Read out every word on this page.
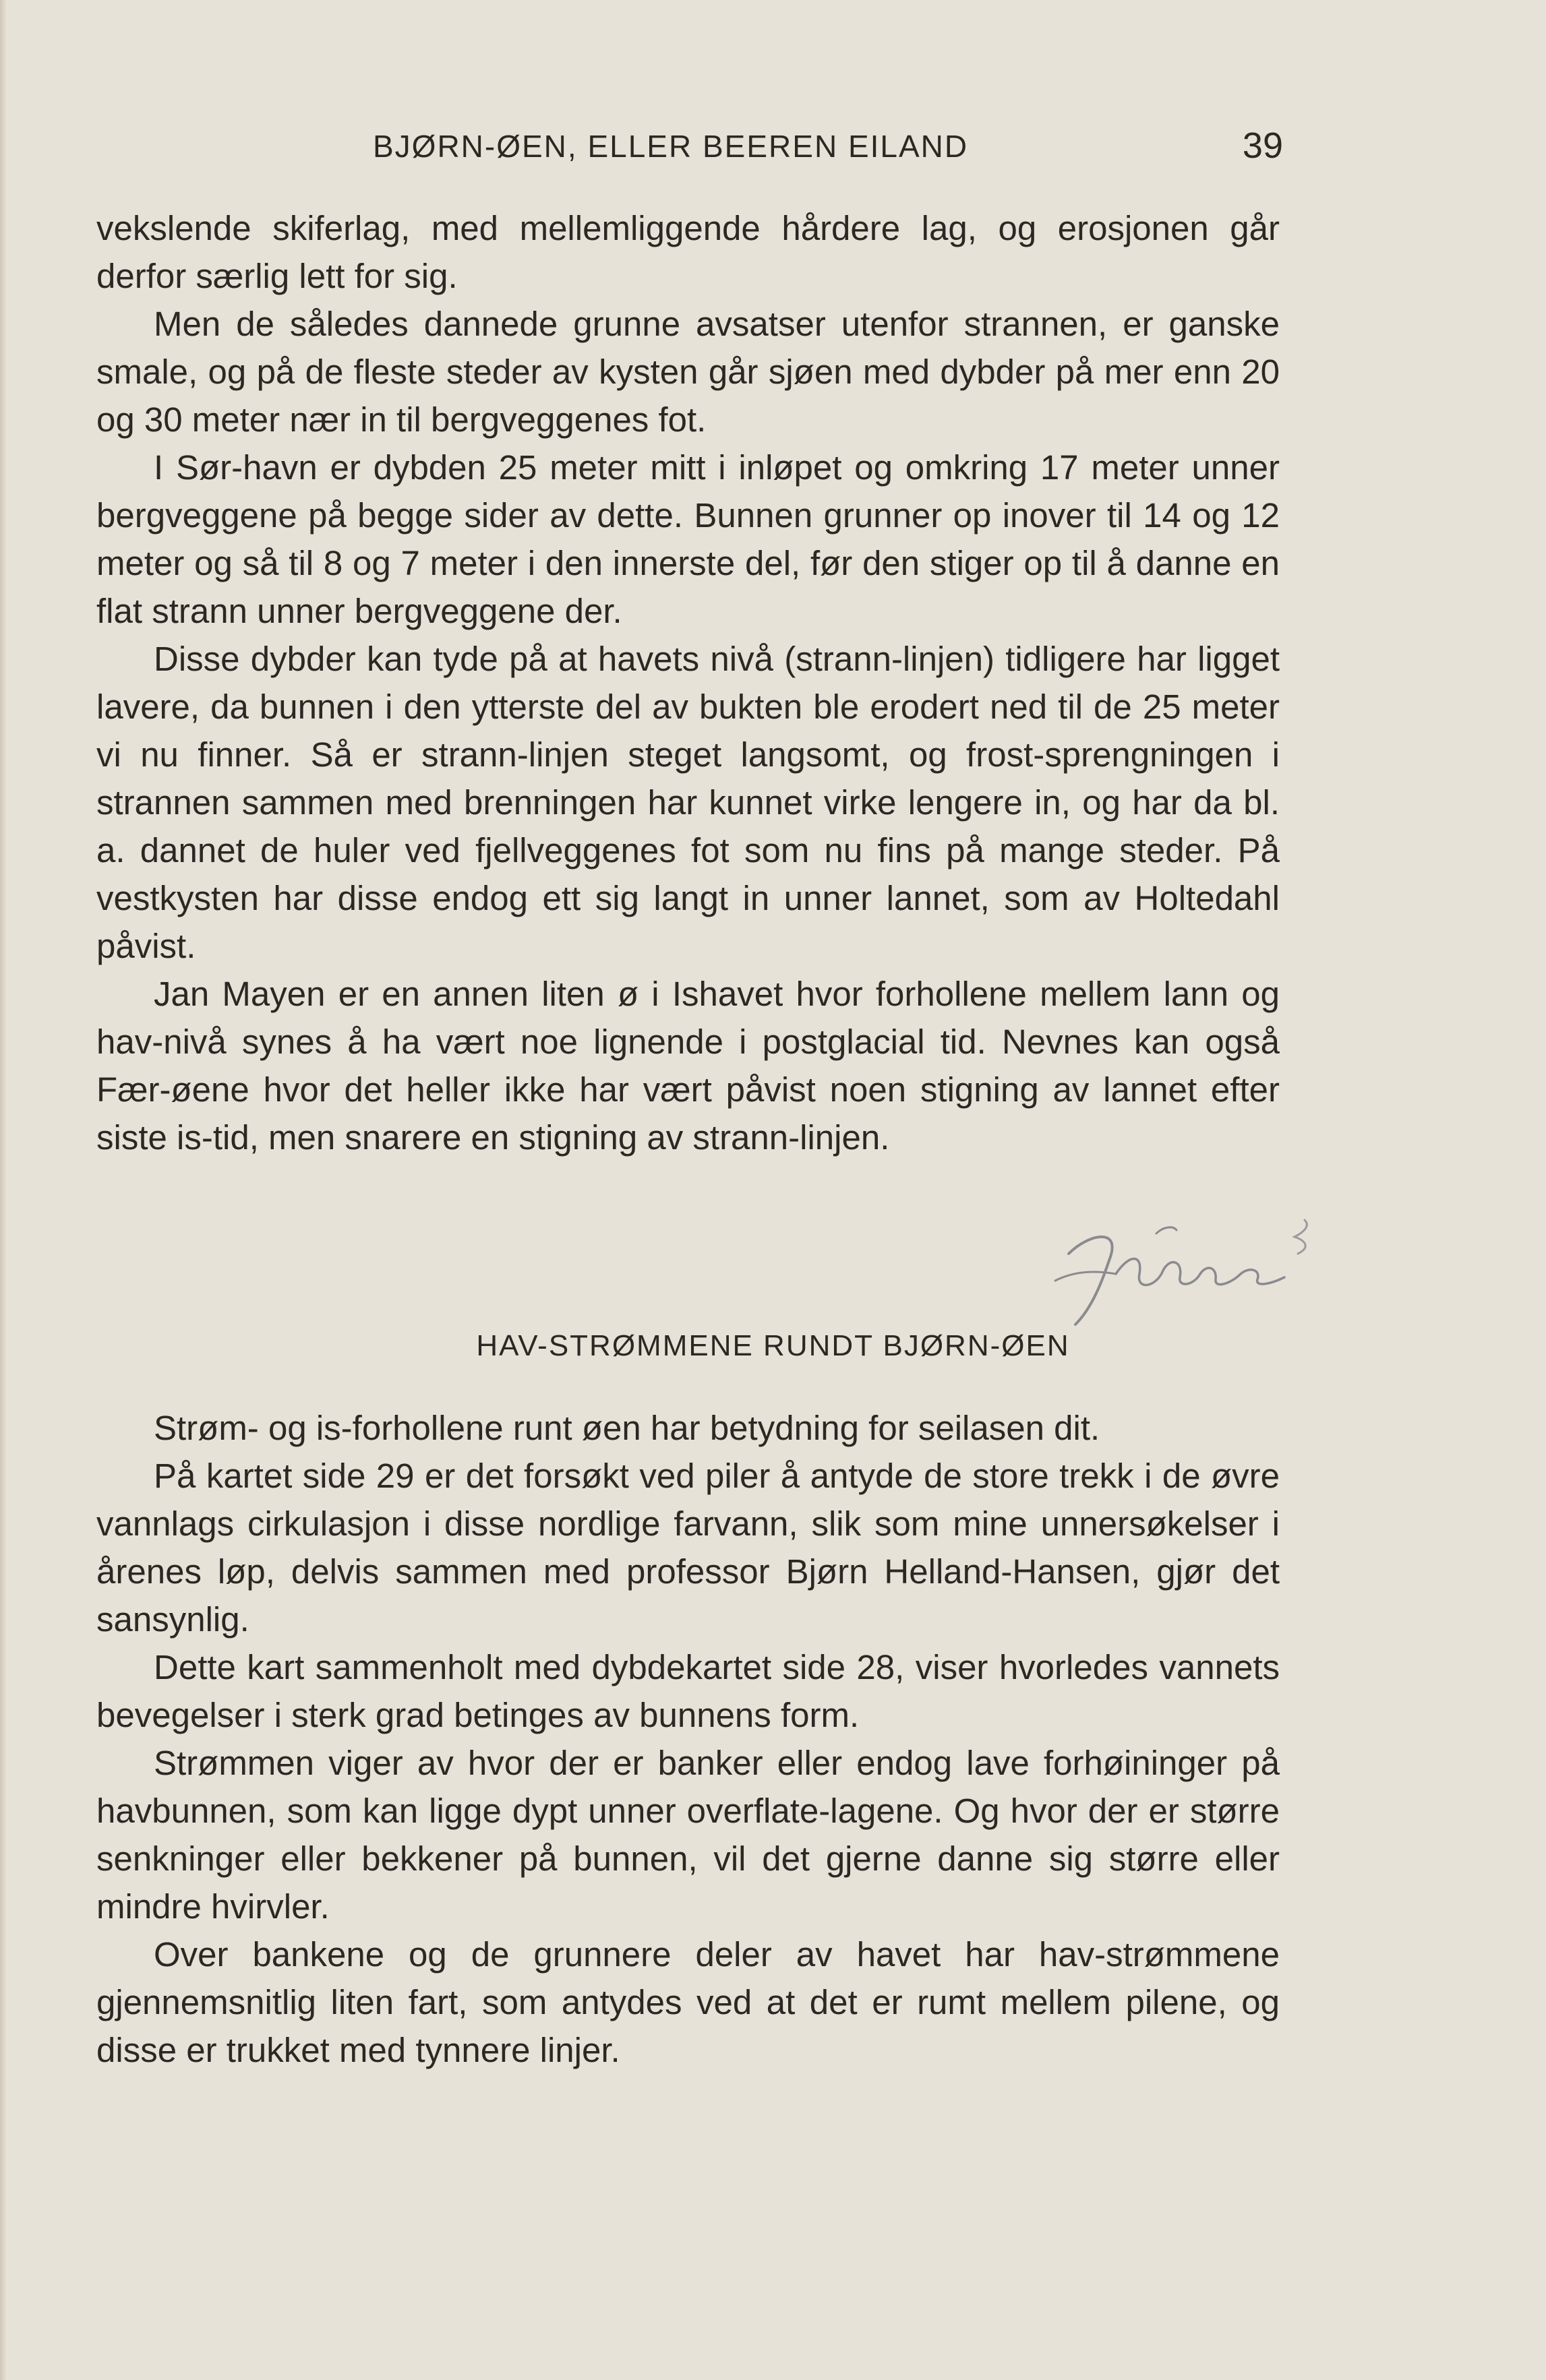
BJØRN-ØEN, ELLER BEEREN EILAND	39

vekslende skiferlag, med mellemliggende hårdere lag, og erosjonen går derfor særlig lett for sig.

Men de således dannede grunne avsatser utenfor strannen, er ganske smale, og på de fleste steder av kysten går sjøen med dybder på mer enn 20 og 30 meter nær in til bergveggenes fot.

I Sør-havn er dybden 25 meter mitt i inløpet og omkring 17 meter unner bergveggene på begge sider av dette. Bunnen grunner op inover til 14 og 12 meter og så til 8 og 7 meter i den innerste del, før den stiger op til å danne en flat strann unner bergveggene der.

Disse dybder kan tyde på at havets nivå (strann-linjen) tidligere har ligget lavere, da bunnen i den ytterste del av bukten ble erodert ned til de 25 meter vi nu finner. Så er strann-linjen steget langsomt, og frost-sprengningen i strannen sammen med brenningen har kunnet virke lengere in, og har da bl. a. dannet de huler ved fjellveggenes fot som nu fins på mange steder. På vestkysten har disse endog ett sig langt in unner lannet, som av Holtedahl påvist.

Jan Mayen er en annen liten ø i Ishavet hvor forhollene mellem lann og hav-nivå synes å ha vært noe lignende i postglacial tid. Nevnes kan også Fær-øene hvor det heller ikke har vært påvist noen stigning av lannet efter siste is-tid, men snarere en stigning av strann-linjen.

HAV-STRØMMENE RUNDT BJØRN-ØEN

Strøm- og is-forhollene runt øen har betydning for seilasen dit.

På kartet side 29 er det forsøkt ved piler å antyde de store trekk i de øvre vannlags cirkulasjon i disse nordlige farvann, slik som mine unnersøkelser i årenes løp, delvis sammen med professor Bjørn Helland-Hansen, gjør det sansynlig.

Dette kart sammenholt med dybdekartet side 28, viser hvorledes vannets bevegelser i sterk grad betinges av bunnens form.

Strømmen viger av hvor der er banker eller endog lave forhøininger på havbunnen, som kan ligge dypt unner overflate-lagene. Og hvor der er større senkninger eller bekkener på bunnen, vil det gjerne danne sig større eller mindre hvirvler.

Over bankene og de grunnere deler av havet har hav-strømmene gjennemsnitlig liten fart, som antydes ved at det er rumt mellem pilene, og disse er trukket med tynnere linjer.
